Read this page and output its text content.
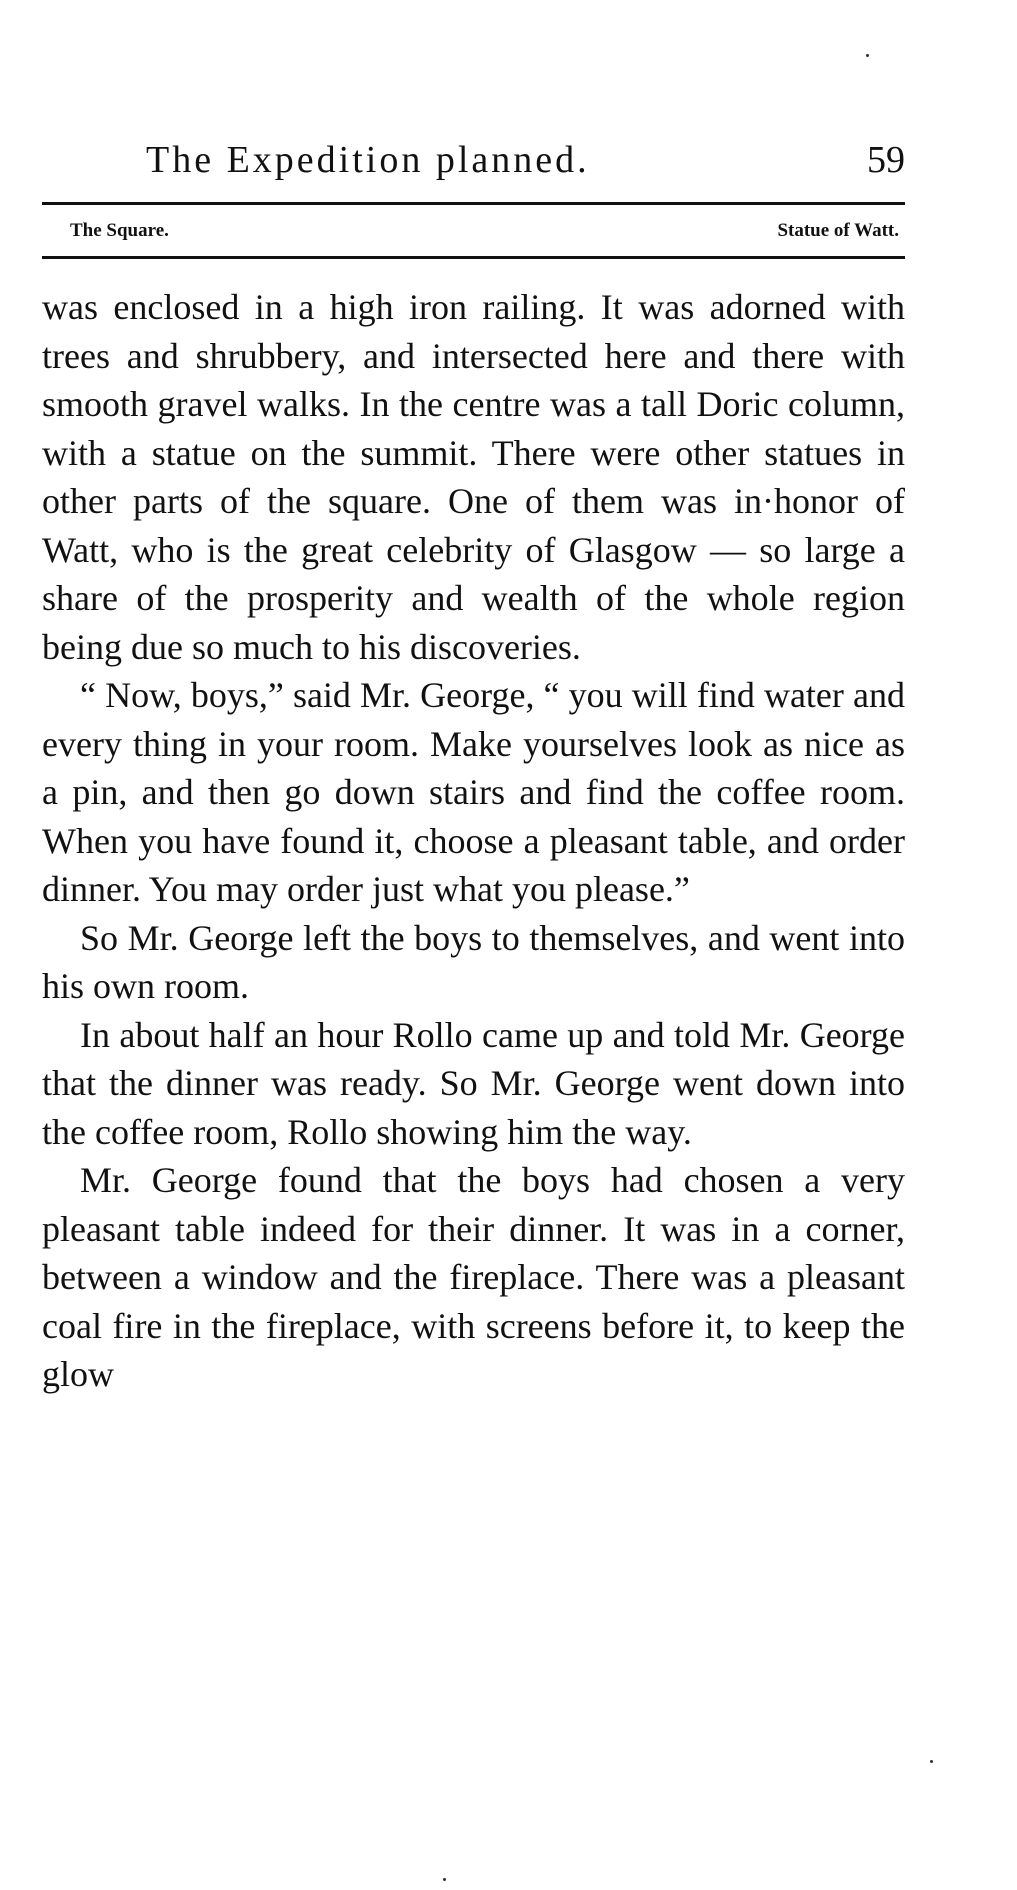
The Expedition planned.	59
The Square.	Statue of Watt.

was enclosed in a high iron railing. It was adorned with trees and shrubbery, and intersected here and there with smooth gravel walks. In the centre was a tall Doric column, with a statue on the summit. There were other statues in other parts of the square. One of them was in·honor of Watt, who is the great celebrity of Glasgow — so large a share of the prosperity and wealth of the whole region being due so much to his discoveries.

“ Now, boys,” said Mr. George, “ you will find water and every thing in your room. Make yourselves look as nice as a pin, and then go down stairs and find the coffee room. When you have found it, choose a pleasant table, and order dinner. You may order just what you please.”

So Mr. George left the boys to themselves, and went into his own room.

In about half an hour Rollo came up and told Mr. George that the dinner was ready. So Mr. George went down into the coffee room, Rollo showing him the way.

Mr. George found that the boys had chosen a very pleasant table indeed for their dinner. It was in a corner, between a window and the fireplace. There was a pleasant coal fire in the fireplace, with screens before it, to keep the glow
